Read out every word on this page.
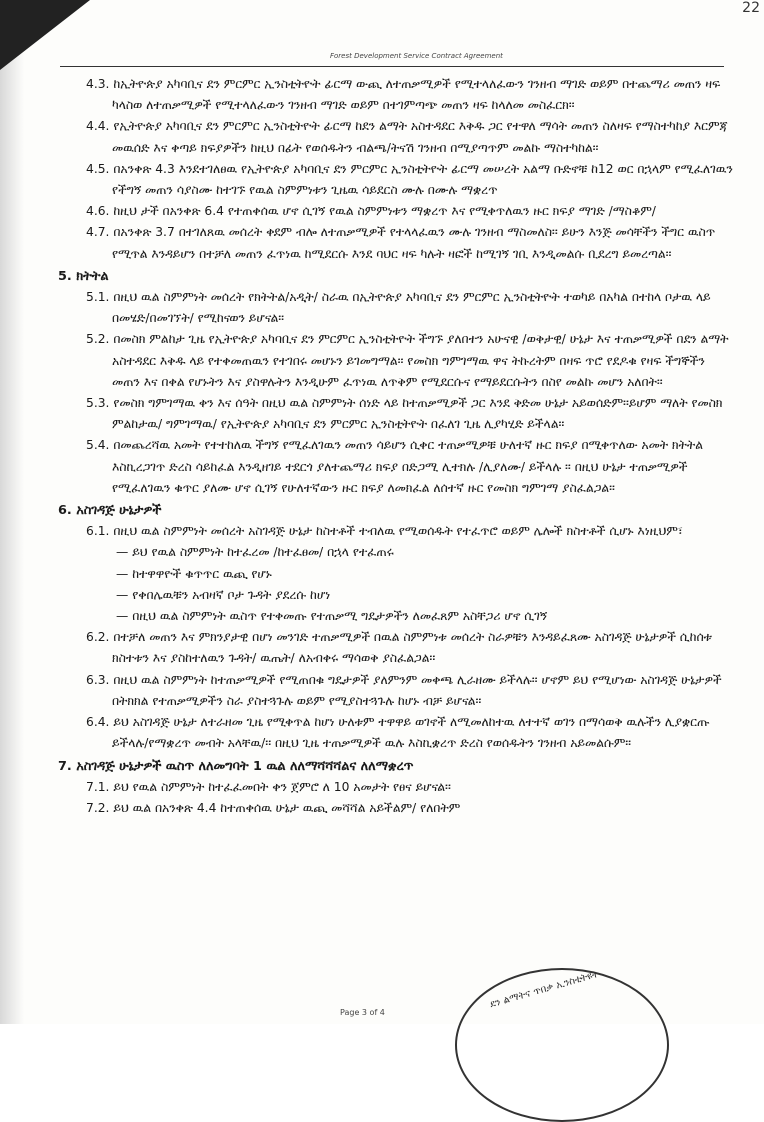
22
Forest Development Service Contract Agreement
4.3. ከኢትዮጵያ አካባቢና ደን ምርምር ኢንስቲትዮት ፊርማ ውጪ ለተጠቃሚዎች የሚተላለፈውን ገንዘብ ማገድ ወይም በተጨማሪ መጠን ዛፍ ካላስወ ለተጠቃሚዎች የሚተላለፈውን ገንዘብ ማገድ ወይም በተገምጣጭ መጠን ዛፍ ከላለመ መስፈርክ፡፡
4.4. የኢትዮጵያ አካባቢና ደን ምርምር ኢንስቲትዮት ፊርማ ከደን ልማት አስተዳደር እቅዱ ጋር የተዋለ ማሳት መጠን ስለዛፍ የማስተካከያ እርምጃ መዉሰድ እና ቀጣይ ክፍያዎችን ከዚህ በፊት የወሰዱትን ብልጫ/ትናሽ ገንዘብ በሚያጣጥም መልኩ ማስተካከል፡፡
4.5. በአንቀጽ 4.3 እንደተገለፀዉ የኢትዮጵያ አካባቢና ደን ምርምር ኢንስቲትዮት ፊርማ መሠረት አልማ ቡድኖቹ ከ12 ወር በኋላም የሚፈለገዉን የችግኝ መጠን ሳያስሙ ከተገኙ የዉል ስምምነቱን ጊዜዉ ሳይደርስ ሙሉ በሙሉ ማቋረጥ
4.6. ከዚህ ታች በአንቀጽ 6.4 የተጠቀሰዉ ሆኖ ሲገኝ የዉል ስምምነቱን ማቋረጥ እና የሚቀጥለዉን ዙር ክፍያ ማገድ /ማስቆም/
4.7. በአንቀጽ 3.7 በተገለጸዉ መሰረት ቀደም ብሎ ለተጠቃሚዎች የተላላፈዉን ሙሉ ገንዘብ ማስመለስ፡፡ ይሁን እንጅ መሳቸችን ችግር ዉስጥ የሚጥል እንዳይሆን በተቻለ መጠን ፈጥነዉ ከሚደርሱ እንደ ባህር ዛፍ ካሉት ዛፎች ከሚገኝ ገቢ እንዲመልሱ ቢደረግ ይመረጣል፡፡
5. ክትትል
5.1. በዚህ ዉል ስምምነት መሰረት የክትትል/አዲት/ ስራዉ በኢትዮጵያ አካባቢና ደን ምርምር ኢንስቲትዮት ተወካይ በአካል በተከላ ቦታዉ ላይ በመሄድ/በመገኘት/ የሚከናወን ይሆናል፡፡
5.2. በመስክ ምልከታ ጊዜ የኢትዮጵያ አካባቢና ደን ምርምር ኢንስቲትዮት ችግኙ ያለበተን አሁናዊ /ወቅታዊ/ ሁኔታ እና ተጠቃሚዎች በደን ልማት አስተዳደር እቅዱ ላይ የተቀመጠዉን የተገበሩ መሆኑን ይገመግማል፡፡ የመስክ ግምገማዉ ዋና ትኩረትም በዛፍ ጥሮ የደዶቁ የዛፍ ችግኞችን መጠን እና በቀል የሆኑትን እና ያስዋሉትን እንዲሁም ፈጥነዉ ለጥቅም የሚደርሱና የማይደርሱትን በስየ መልኩ መሆን አለበት፡፡
5.3. የመስክ ግምገማዉ ቀን እና ሰዓት በዚህ ዉል ስምምነት ሰነድ ላይ ከተጠቃሚዎች ጋር እንደ ቅድመ ሁኔታ አይወሰድም፡፡ይሆም ማለት የመስክ ምልከታዉ/ ግምገማዉ/ የኢትዮጵያ አካባቢና ደን ምርምር ኢንስቲትዮት በፈለገ ጊዜ ሊያካሂድ ይችላል፡፡
5.4. በመጨረሻዉ አመት የተተከለዉ ችግኝ የሚፈለገዉን መጠን ሳይሆን ሲቀር ተጠቃሚዎቹ ሁለተኛ ዙር ክፍያ በሚቀጥለው አመት ክትትል እስኪረጋገጥ ድረስ ሳይከፈል እንዲዘገይ ተደርጎ ያለተጨማሪ ክፍያ በድጋሚ ሊተክሉ /ሊያለሙ/ ይችላሉ ፡፡ በዚህ ሁኔታ ተጠቃሚዎች የሚፈለገዉን ቁጥር ያለሙ ሆኖ ሲገኝ የሁለተኛውን ዙር ክፍያ ለመክፈል ለሰተኛ ዙር የመስክ ግምገማ ያስፈልጋል፡፡
6. አስገዳጅ ሁኔታዎች
6.1. በዚህ ዉል ስምምነት መሰረት አስገዳጅ ሁኔታ ከስተቶች ተብለዉ የሚወሰዱት የተፈጥሮ ወይም ሌሎች ክስተቶች ሲሆኑ እነዚህም፣
— ይህ የዉል ስምምነት ከተፈረመ /ከተፈፀመ/ በኋላ የተፈጠሩ
— ከተዋዋዮች ቁጥጥር ዉጪ የሆኑ
— የቀበሌዉቹን አብዛኛ ቦታ ጉዳት ያደረሱ ከሆነ
— በዚህ ዉል ስምምነት ዉስጥ የተቀመጡ የተጠቃሚ ግዴታዎችን ለመፈጸም አስቸጋሪ ሆኖ ሲገኝ
6.2. በተቻለ መጠን እና ምክንያታዊ በሆነ መንገድ ተጠቃሚዎች በዉል ስምምነቱ መሰረት ስራዎቹን እንዳይፈጸሙ አስገዳጅ ሁኔታዎች ሲከሰቱ ክስተቱን እና ያስከተለዉን ጉዳት/ ዉጤት/ ለአብቀሩ ማሳወቅ ያስፈልጋል፡፡
6.3. በዚህ ዉል ስምምነት ከተጠቃሚዎች የሚጠበቁ ግዴታዎች ያለምንም መቀጫ ሊራዘሙ ይችላሉ፡፡ ሆኖም ይህ የሚሆነው አስገዳጅ ሁኔታዎች በትክክል የተጠቃሚዎችን ስራ ያስተጓጉሉ ወይም የሚያስተጓጉሉ ከሆኑ ብቻ ይሆናል፡፡
6.4. ይህ አስገዳጅ ሁኔታ ለተራዘመ ጊዜ የሚቀጥል ከሆነ ሁለቱም ተዋዋይ ወገኖች ለሚመለከተዉ ለተተኛ ወገን በማሳወቅ ዉሉችን ሊያቋርጡ ይችላሉ/የማቋረጥ መብት አላቸዉ/፡፡ በዚህ ጊዜ ተጠቃሚዎች ዉሉ እስኪቋረጥ ድረስ የወሰዱትን ገንዘብ አይመልሱም፡፡
7. አስገዳጅ ሁኔታዎች ዉስጥ ለለመግባት 1 ዉል ለለማሻሻሻልና ለለማቋረጥ
7.1. ይህ የዉል ስምምነት ከተፈፈመበት ቀን ጀምሮ ለ 10 አመታት የፀና ይሆናል፡፡
7.2. ይህ ዉል በአንቀጽ 4.4 ከተጠቀሰዉ ሁኔታ ዉጪ መሻሻል አይችልም/ የለበትም
ደን ልማትና ጥበቃ ኢንስቲትዩት
Page 3 of 4
